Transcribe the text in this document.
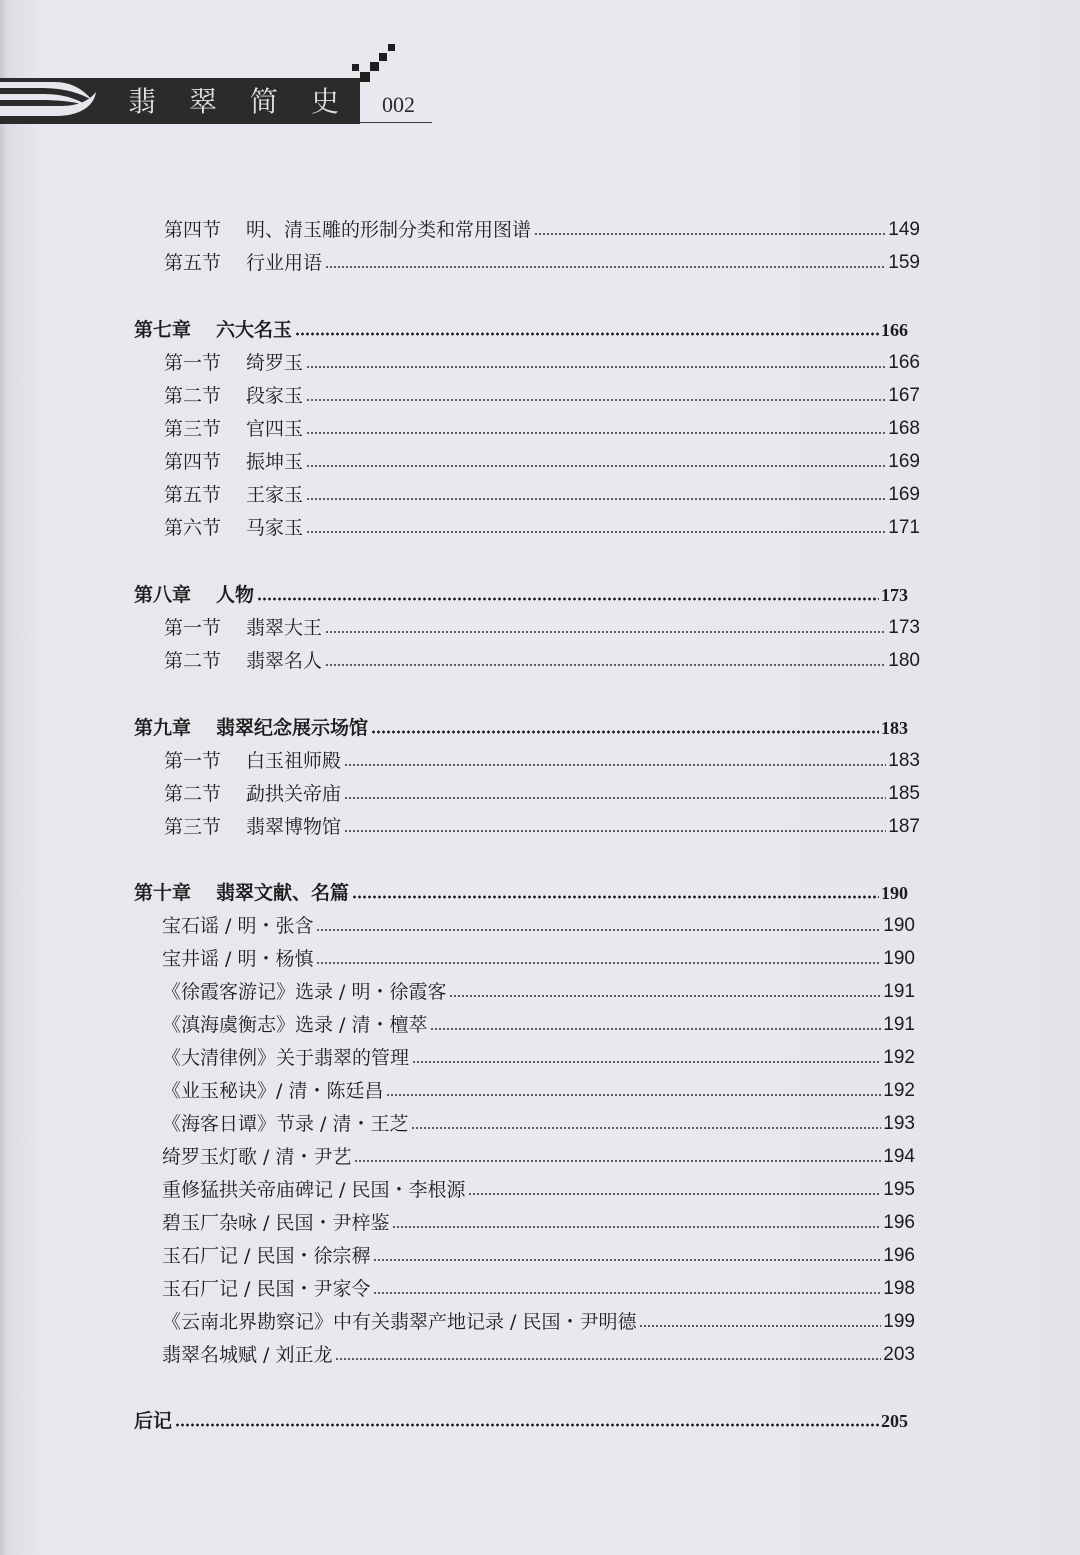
翡翠简史 002
第四节 明、清玉雕的形制分类和常用图谱	149
第五节 行业用语	159
第七章 六大名玉	166
第一节 绮罗玉	166
第二节 段家玉	167
第三节 官四玉	168
第四节 振坤玉	169
第五节 王家玉	169
第六节 马家玉	171
第八章 人物	173
第一节 翡翠大王	173
第二节 翡翠名人	180
第九章 翡翠纪念展示场馆	183
第一节 白玉祖师殿	183
第二节 勐拱关帝庙	185
第三节 翡翠博物馆	187
第十章 翡翠文献、名篇	190
宝石谣 / 明・张含	190
宝井谣 / 明・杨慎	190
《徐霞客游记》选录 / 明・徐霞客	191
《滇海虞衡志》选录 / 清・檀萃	191
《大清律例》关于翡翠的管理	192
《业玉秘诀》/ 清・陈廷昌	192
《海客日谭》节录 / 清・王芝	193
绮罗玉灯歌 / 清・尹艺	194
重修猛拱关帝庙碑记 / 民国・李根源	195
碧玉厂杂咏 / 民国・尹梓鉴	196
玉石厂记 / 民国・徐宗稺	196
玉石厂记 / 民国・尹家令	198
《云南北界勘察记》中有关翡翠产地记录 / 民国・尹明德	199
翡翠名城赋 / 刘正龙	203
后记	205
